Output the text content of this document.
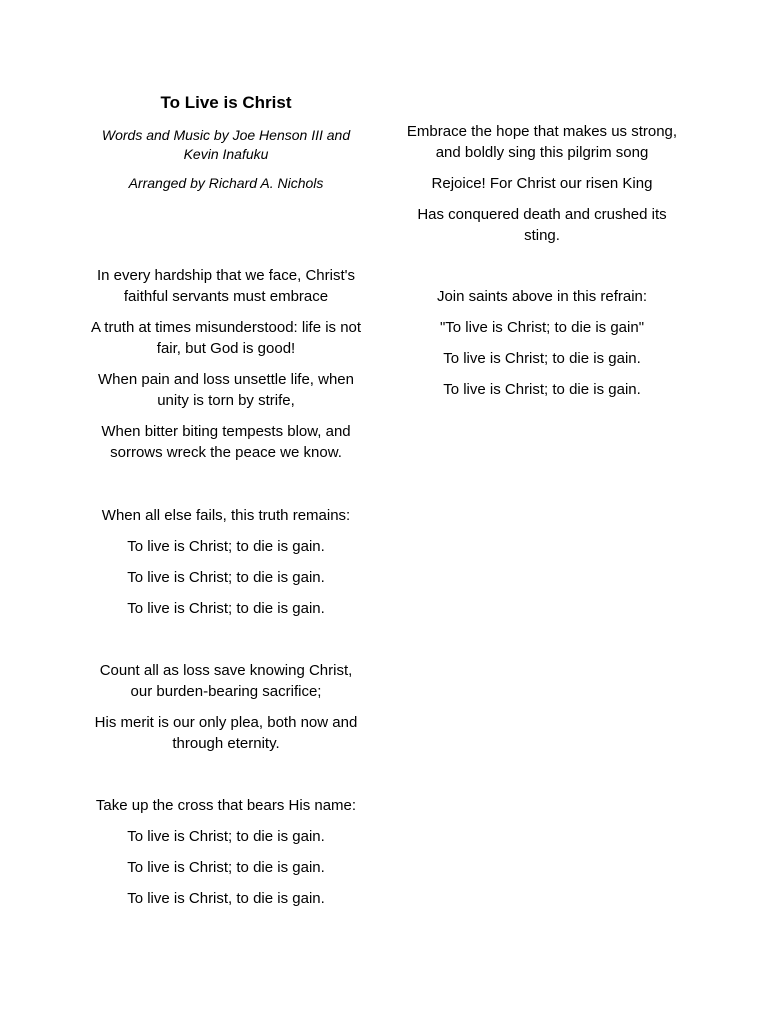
To Live is Christ
Words and Music by Joe Henson III and Kevin Inafuku
Arranged by Richard A. Nichols

In every hardship that we face, Christ's faithful servants must embrace

A truth at times misunderstood: life is not fair, but God is good!

When pain and loss unsettle life, when unity is torn by strife,

When bitter biting tempests blow, and sorrows wreck the peace we know.

When all else fails, this truth remains:

To live is Christ; to die is gain.

To live is Christ; to die is gain.

To live is Christ; to die is gain.

Count all as loss save knowing Christ, our burden-bearing sacrifice;

His merit is our only plea, both now and through eternity.

Take up the cross that bears His name:

To live is Christ; to die is gain.

To live is Christ; to die is gain.

To live is Christ, to die is gain.

Embrace the hope that makes us strong, and boldly sing this pilgrim song

Rejoice! For Christ our risen King

Has conquered death and crushed its sting.

Join saints above in this refrain:

"To live is Christ; to die is gain"

To live is Christ; to die is gain.

To live is Christ; to die is gain.
